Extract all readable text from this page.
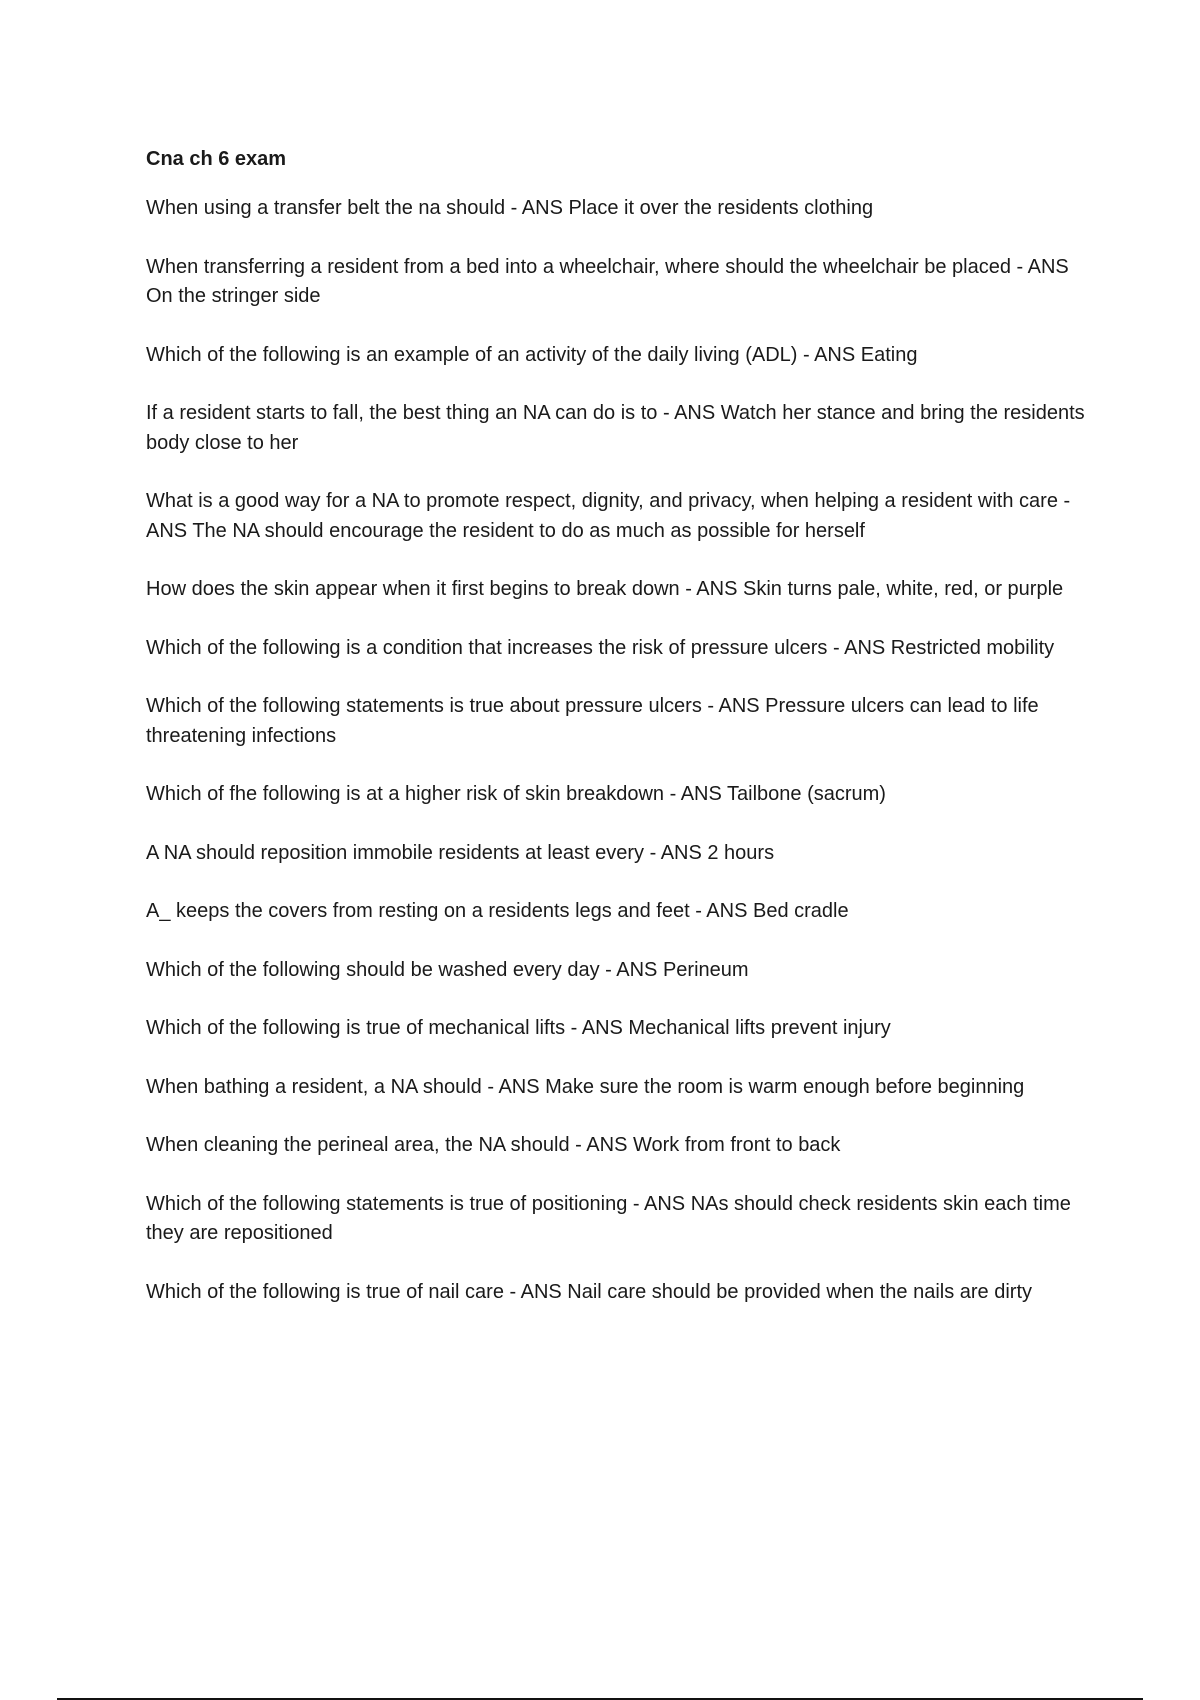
Cna ch 6 exam
When using a transfer belt the na should - ANS Place it over the residents clothing
When transferring a resident from a bed into a wheelchair, where should the wheelchair be placed - ANS On the stringer side
Which of the following is an example of an activity of the daily living (ADL) - ANS Eating
If a resident starts to fall, the best thing an NA can do is to - ANS Watch her stance and bring the residents body close to her
What is a good way for a NA to promote respect, dignity, and privacy, when helping a resident with care - ANS The NA should encourage the resident to do as much as possible for herself
How does the skin appear when it first begins to break down - ANS Skin turns pale, white, red, or purple
Which of the following is a condition that increases the risk of pressure ulcers - ANS Restricted mobility
Which of the following statements is true about pressure ulcers - ANS Pressure ulcers can lead to life threatening infections
Which of fhe following is at a higher risk of skin breakdown - ANS Tailbone (sacrum)
A NA should reposition immobile residents at least every - ANS 2 hours
A_ keeps the covers from resting on a residents legs and feet - ANS Bed cradle
Which of the following should be washed every day - ANS Perineum
Which of the following is true of mechanical lifts - ANS Mechanical lifts prevent injury
When bathing a resident, a NA should - ANS Make sure the room is warm enough before beginning
When cleaning the perineal area, the NA should - ANS Work from front to back
Which of the following statements is true of positioning - ANS NAs should check residents skin each time they are repositioned
Which of the following is true of nail care - ANS Nail care should be provided when the nails are dirty
